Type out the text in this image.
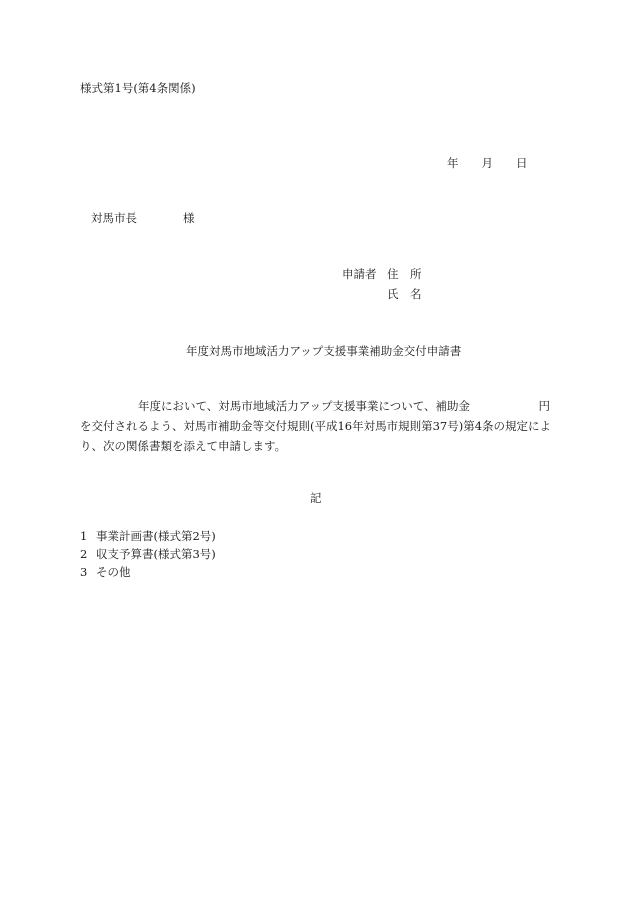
様式第1号(第4条関係)
年 月 日
対馬市長	様
申請者 住　所
氏　名
年度対馬市地域活力アップ支援事業補助金交付申請書
年度において、対馬市地域活力アップ支援事業について、補助金	円
を交付されるよう、対馬市補助金等交付規則(平成16年対馬市規則第37号)第4条の規定によ
り、次の関係書類を添えて申請します。
記
1 事業計画書(様式第2号)
2 収支予算書(様式第3号)
3 その他
